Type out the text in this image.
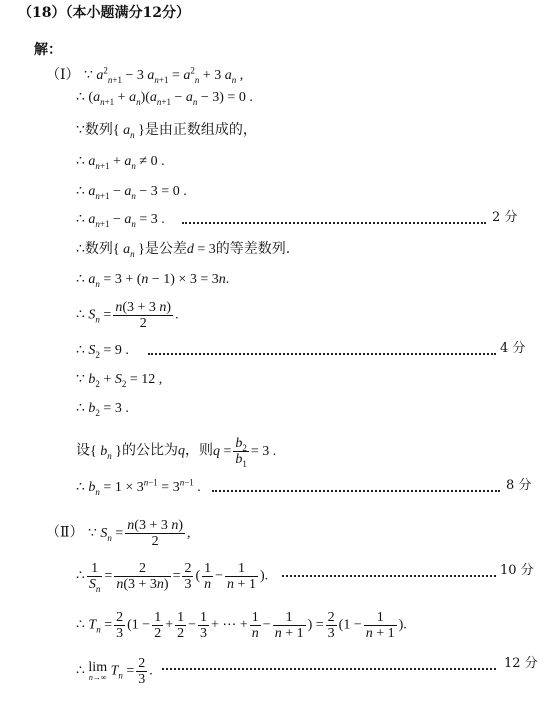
（18）（本小题满分12分）
解：
（Ⅰ） ∵ $a^2_{n+1} - 3$ $a_{n+1} = a^2_n + 3$ $a_n$ ,
∴ $(a_{n+1} + a_n)(a_{n+1} - a_n - 3) = 0$ .
∵数列{ $a_n$ }是由正数组成的，
∴ $a_{n+1} + a_n \ne 0$ .
∴ $a_{n+1} - a_n - 3 = 0$ .
∴ $a_{n+1} - a_n = 3$ .	2 分
∴数列{ $a_n$ }是公差d = 3的等差数列.
∴ $a_n = 3 + (n - 1) \times 3 = 3n$.
∴ $S_n = \frac{n(3 + 3 n)}{2}$ .
∴ $S_2 = 9$ .	4 分
∵ $b_2 + S_2 = 12$ ,
∴ $b_2 = 3$ .
设{ $b_n$ }的公比为q，则$q = \frac{b_2}{b_1} = 3$ .
∴ $b_n = 1 \times 3^{n-1} = 3^{n-1}$ .	8 分
（Ⅱ） ∵ $S_n = \frac{n(3 + 3 n)}{2}$ ,
∴ $\frac{1}{S_n} = \frac{2}{n(3 + 3n)} = \frac{2}{3}$ ( $\frac{1}{n} - \frac{1}{n + 1}$ ).	10 分
∴ $T_n = \frac{2}{3} (1 - \frac{1}{2} + \frac{1}{2} - \frac{1}{3}$ + ⋯ + $\frac{1}{n} - \frac{1}{n + 1}$ ) = $\frac{2}{3} (1 - \frac{1}{n + 1}$ ).
∴ lim
n→∞ $T_n = \frac{2}{3}$ .
12 分
